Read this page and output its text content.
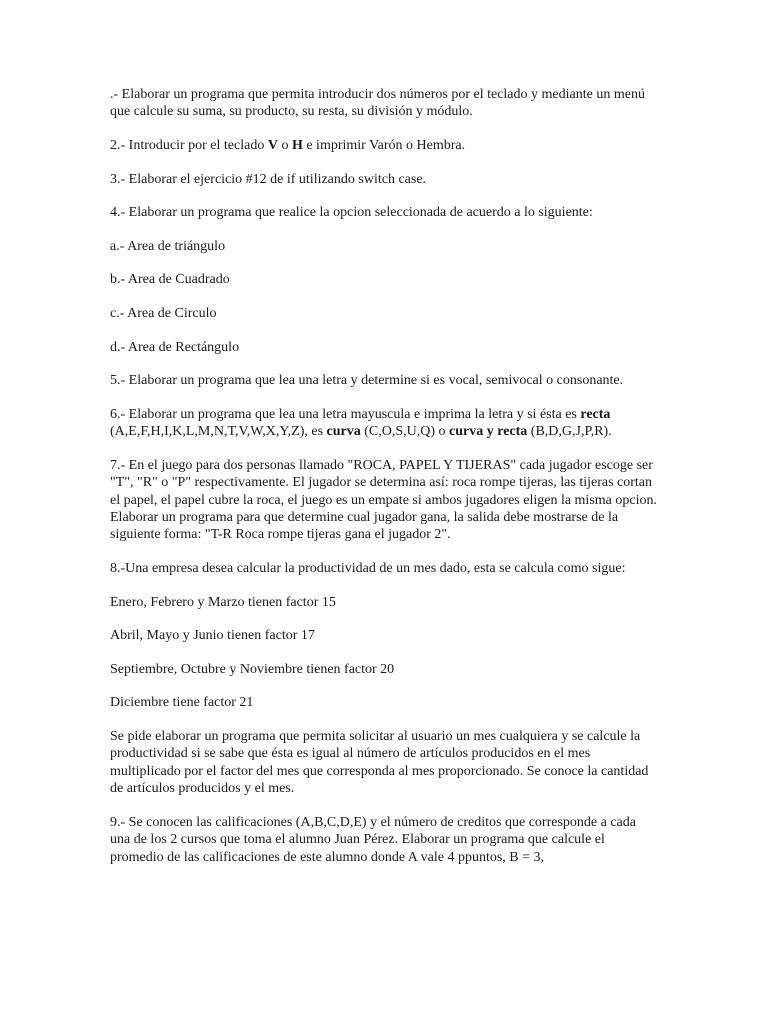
.- Elaborar un programa que permita introducir dos números por el teclado y mediante un menú que calcule su suma, su producto, su resta, su división y módulo.

2.- Introducir por el teclado V o H e imprimir Varón o Hembra.

3.- Elaborar el ejercicio #12 de if utilizando switch case.

4.- Elaborar un programa que realice la opcion seleccionada de acuerdo a lo siguiente:

a.- Area de triángulo

b.- Area de Cuadrado

c.- Area de Circulo

d.- Area de Rectángulo

5.- Elaborar un programa que lea una letra y determine si es vocal, semivocal o consonante.

6.- Elaborar un programa que lea una letra mayuscula e imprima la letra y si ésta es recta (A,E,F,H,I,K,L,M,N,T,V,W,X,Y,Z), es curva (C,O,S,U,Q) o curva y recta (B,D,G,J,P,R).

7.- En el juego para dos personas llamado "ROCA, PAPEL Y TIJERAS" cada jugador escoge ser "T", "R" o "P" respectivamente. El jugador se determina así: roca rompe tijeras, las tijeras cortan el papel, el papel cubre la roca, el juego es un empate si ambos jugadores eligen la misma opcion. Elaborar un programa para que determine cual jugador gana, la salida debe mostrarse de la siguiente forma: "T-R Roca rompe tijeras gana el jugador 2".

8.-Una empresa desea calcular la productividad de un mes dado, esta se calcula como sigue:

Enero, Febrero y Marzo tienen factor 15

Abril, Mayo y Junio tienen factor 17

Septiembre, Octubre y Noviembre tienen factor 20

Diciembre tiene factor 21

Se pide elaborar un programa que permita solicitar al usuario un mes cualquiera y se calcule la productividad si se sabe que ésta es igual al número de artículos producidos en el mes multiplicado por el factor del mes que corresponda al mes proporcionado. Se conoce la cantidad de artículos producidos y el mes.

9.- Se conocen las calificaciones (A,B,C,D,E) y el número de creditos que corresponde a cada una de los 2 cursos que toma el alumno Juan Pérez. Elaborar un programa que calcule el promedio de las calificaciones de este alumno donde A vale 4 ppuntos, B = 3,
